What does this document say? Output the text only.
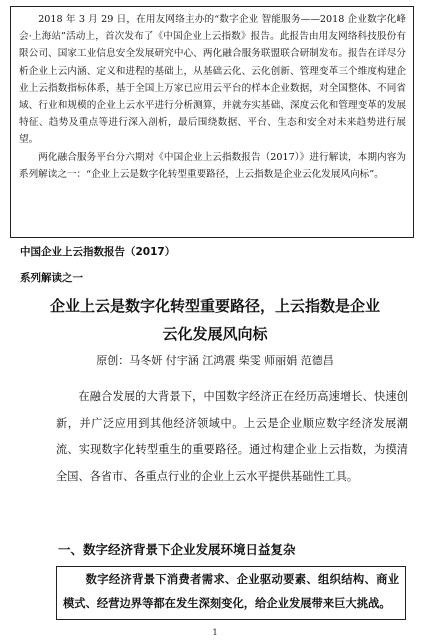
2018 年 3 月 29 日，在用友网络主办的“数字企业 智能服务——2018 企业数字化峰会·上海站”活动上，首次发布了《中国企业上云指数》报告。此报告由用友网络科技股份有限公司、国家工业信息安全发展研究中心、两化融合服务联盟联合研制发布。报告在详尽分析企业上云内涵、定义和进程的基础上，从基础云化、云化创新、管理变革三个维度构建企业上云指数指标体系，基于全国上万家已应用云平台的样本企业数据，对全国整体、不同省域、行业和规模的企业上云水平进行分析测算，并就夯实基础、深度云化和管理变革的发展特征、趋势及重点等进行深入剖析，最后围绕数据、平台、生态和安全对未来趋势进行展望。

两化融合服务平台分六期对《中国企业上云指数报告（2017）》进行解读，本期内容为系列解读之一：“企业上云是数字化转型重要路径，上云指数是企业云化发展风向标”。

中国企业上云指数报告（2017）
系列解读之一
企业上云是数字化转型重要路径，上云指数是企业
云化发展风向标
原创：马冬妍 付宇涵 江鸿震 柴雯 师丽娟 范德昌

在融合发展的大背景下，中国数字经济正在经历高速增长、快速创新，并广泛应用到其他经济领域中。上云是企业顺应数字经济发展潮流、实现数字化转型重生的重要路径。通过构建企业上云指数，为摸清全国、各省市、各重点行业的企业上云水平提供基础性工具。

一、数字经济背景下企业发展环境日益复杂

数字经济背景下消费者需求、企业驱动要素、组织结构、商业模式、经营边界等都在发生深刻变化，给企业发展带来巨大挑战。

1
